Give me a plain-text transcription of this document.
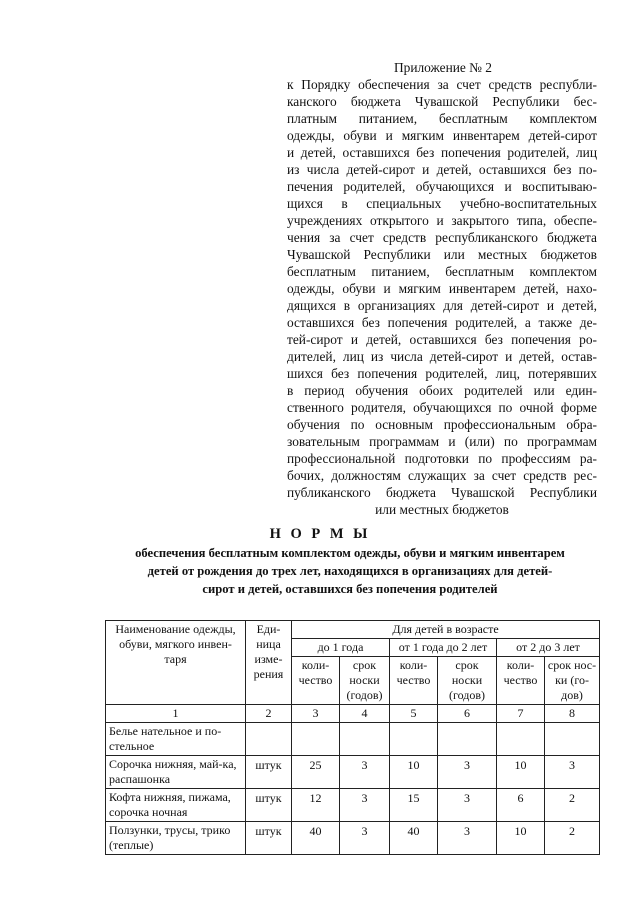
Приложение № 2
к Порядку обеспечения за счет средств республи-
канского бюджета Чувашской Республики бес-
платным питанием, бесплатным комплектом
одежды, обуви и мягким инвентарем детей-сирот
и детей, оставшихся без попечения родителей, лиц
из числа детей-сирот и детей, оставшихся без по-
печения родителей, обучающихся и воспитываю-
щихся в специальных учебно-воспитательных
учреждениях открытого и закрытого типа, обеспе-
чения за счет средств республиканского бюджета
Чувашской Республики или местных бюджетов
бесплатным питанием, бесплатным комплектом
одежды, обуви и мягким инвентарем детей, нахо-
дящихся в организациях для детей-сирот и детей,
оставшихся без попечения родителей, а также де-
тей-сирот и детей, оставшихся без попечения ро-
дителей, лиц из числа детей-сирот и детей, остав-
шихся без попечения родителей, лиц, потерявших
в период обучения обоих родителей или един-
ственного родителя, обучающихся по очной форме
обучения по основным профессиональным обра-
зовательным программам и (или) по программам
профессиональной подготовки по профессиям ра-
бочих, должностям служащих за счет средств рес-
публиканского бюджета Чувашской Республики
или местных бюджетов
Н О Р М Ы
обеспечения бесплатным комплектом одежды, обуви и мягким инвентарем
детей от рождения до трех лет, находящихся в организациях для детей-
сирот и детей, оставшихся без попечения родителей
Наименование одежды, обуви, мягкого инвен-таря	Еди-ница изме-рения	Для детей в возрасте					
		до 1 года		от 1 года до 2 лет		от 2 до 3 лет	
		коли-чество	срок носки (годов)	коли-чество	срок носки (годов)	коли-чество	срок нос-ки (го-дов)
1	2	3	4	5	6	7	8
Белье нательное и по-стельное							
Сорочка нижняя, май-ка, распашонка	штук	25	3	10	3	10	3
Кофта нижняя, пижама, сорочка ночная	штук	12	3	15	3	6	2
Ползунки, трусы, трико (теплые)	штук	40	3	40	3	10	2
